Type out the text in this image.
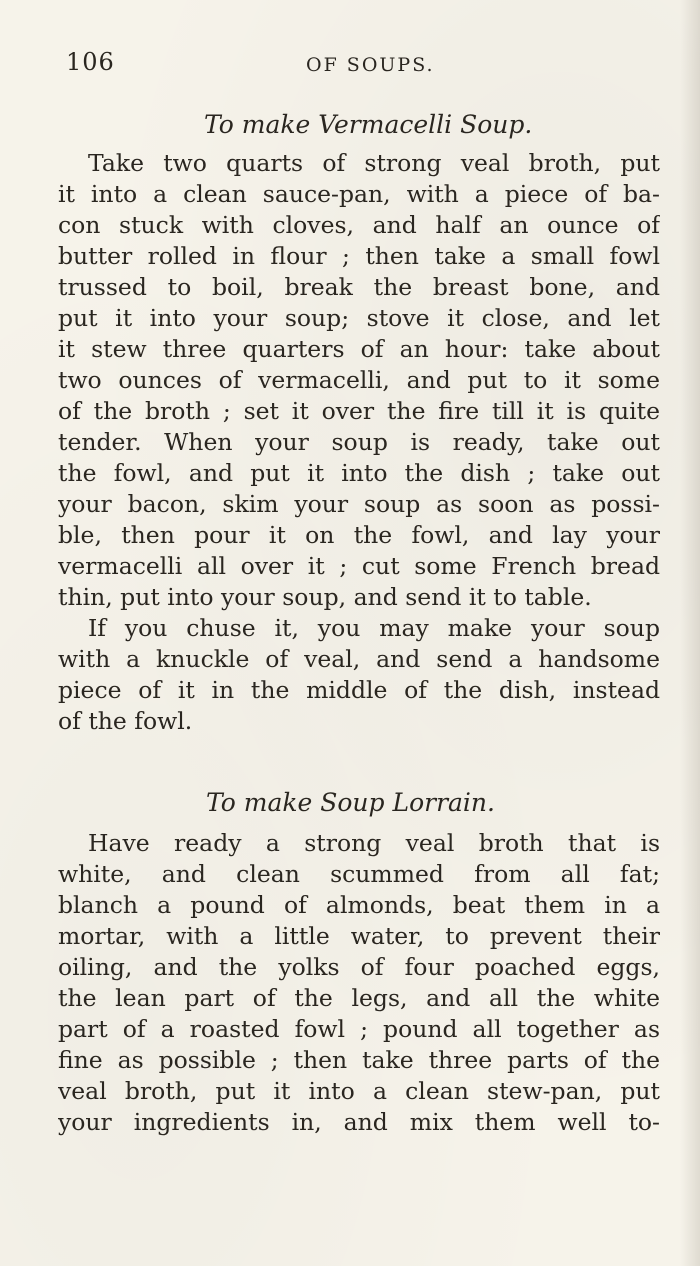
106	OF SOUPS.
To make Vermacelli Soup.
Take two quarts of strong veal broth, put
it into a clean sauce-pan, with a piece of ba-
con stuck with cloves, and half an ounce of
butter rolled in flour ; then take a small fowl
trussed to boil, break the breast bone, and
put it into your soup; stove it close, and let
it stew three quarters of an hour: take about
two ounces of vermacelli, and put to it some
of the broth ; set it over the fire till it is quite
tender. When your soup is ready, take out
the fowl, and put it into the dish ; take out
your bacon, skim your soup as soon as possi-
ble, then pour it on the fowl, and lay your
vermacelli all over it ; cut some French bread
thin, put into your soup, and send it to table.
If you chuse it, you may make your soup
with a knuckle of veal, and send a handsome
piece of it in the middle of the dish, instead
of the fowl.
To make Soup Lorrain.
Have ready a strong veal broth that is
white, and clean scummed from all fat;
blanch a pound of almonds, beat them in a
mortar, with a little water, to prevent their
oiling, and the yolks of four poached eggs,
the lean part of the legs, and all the white
part of a roasted fowl ; pound all together as
fine as possible ; then take three parts of the
veal broth, put it into a clean stew-pan, put
your ingredients in, and mix them well to-
